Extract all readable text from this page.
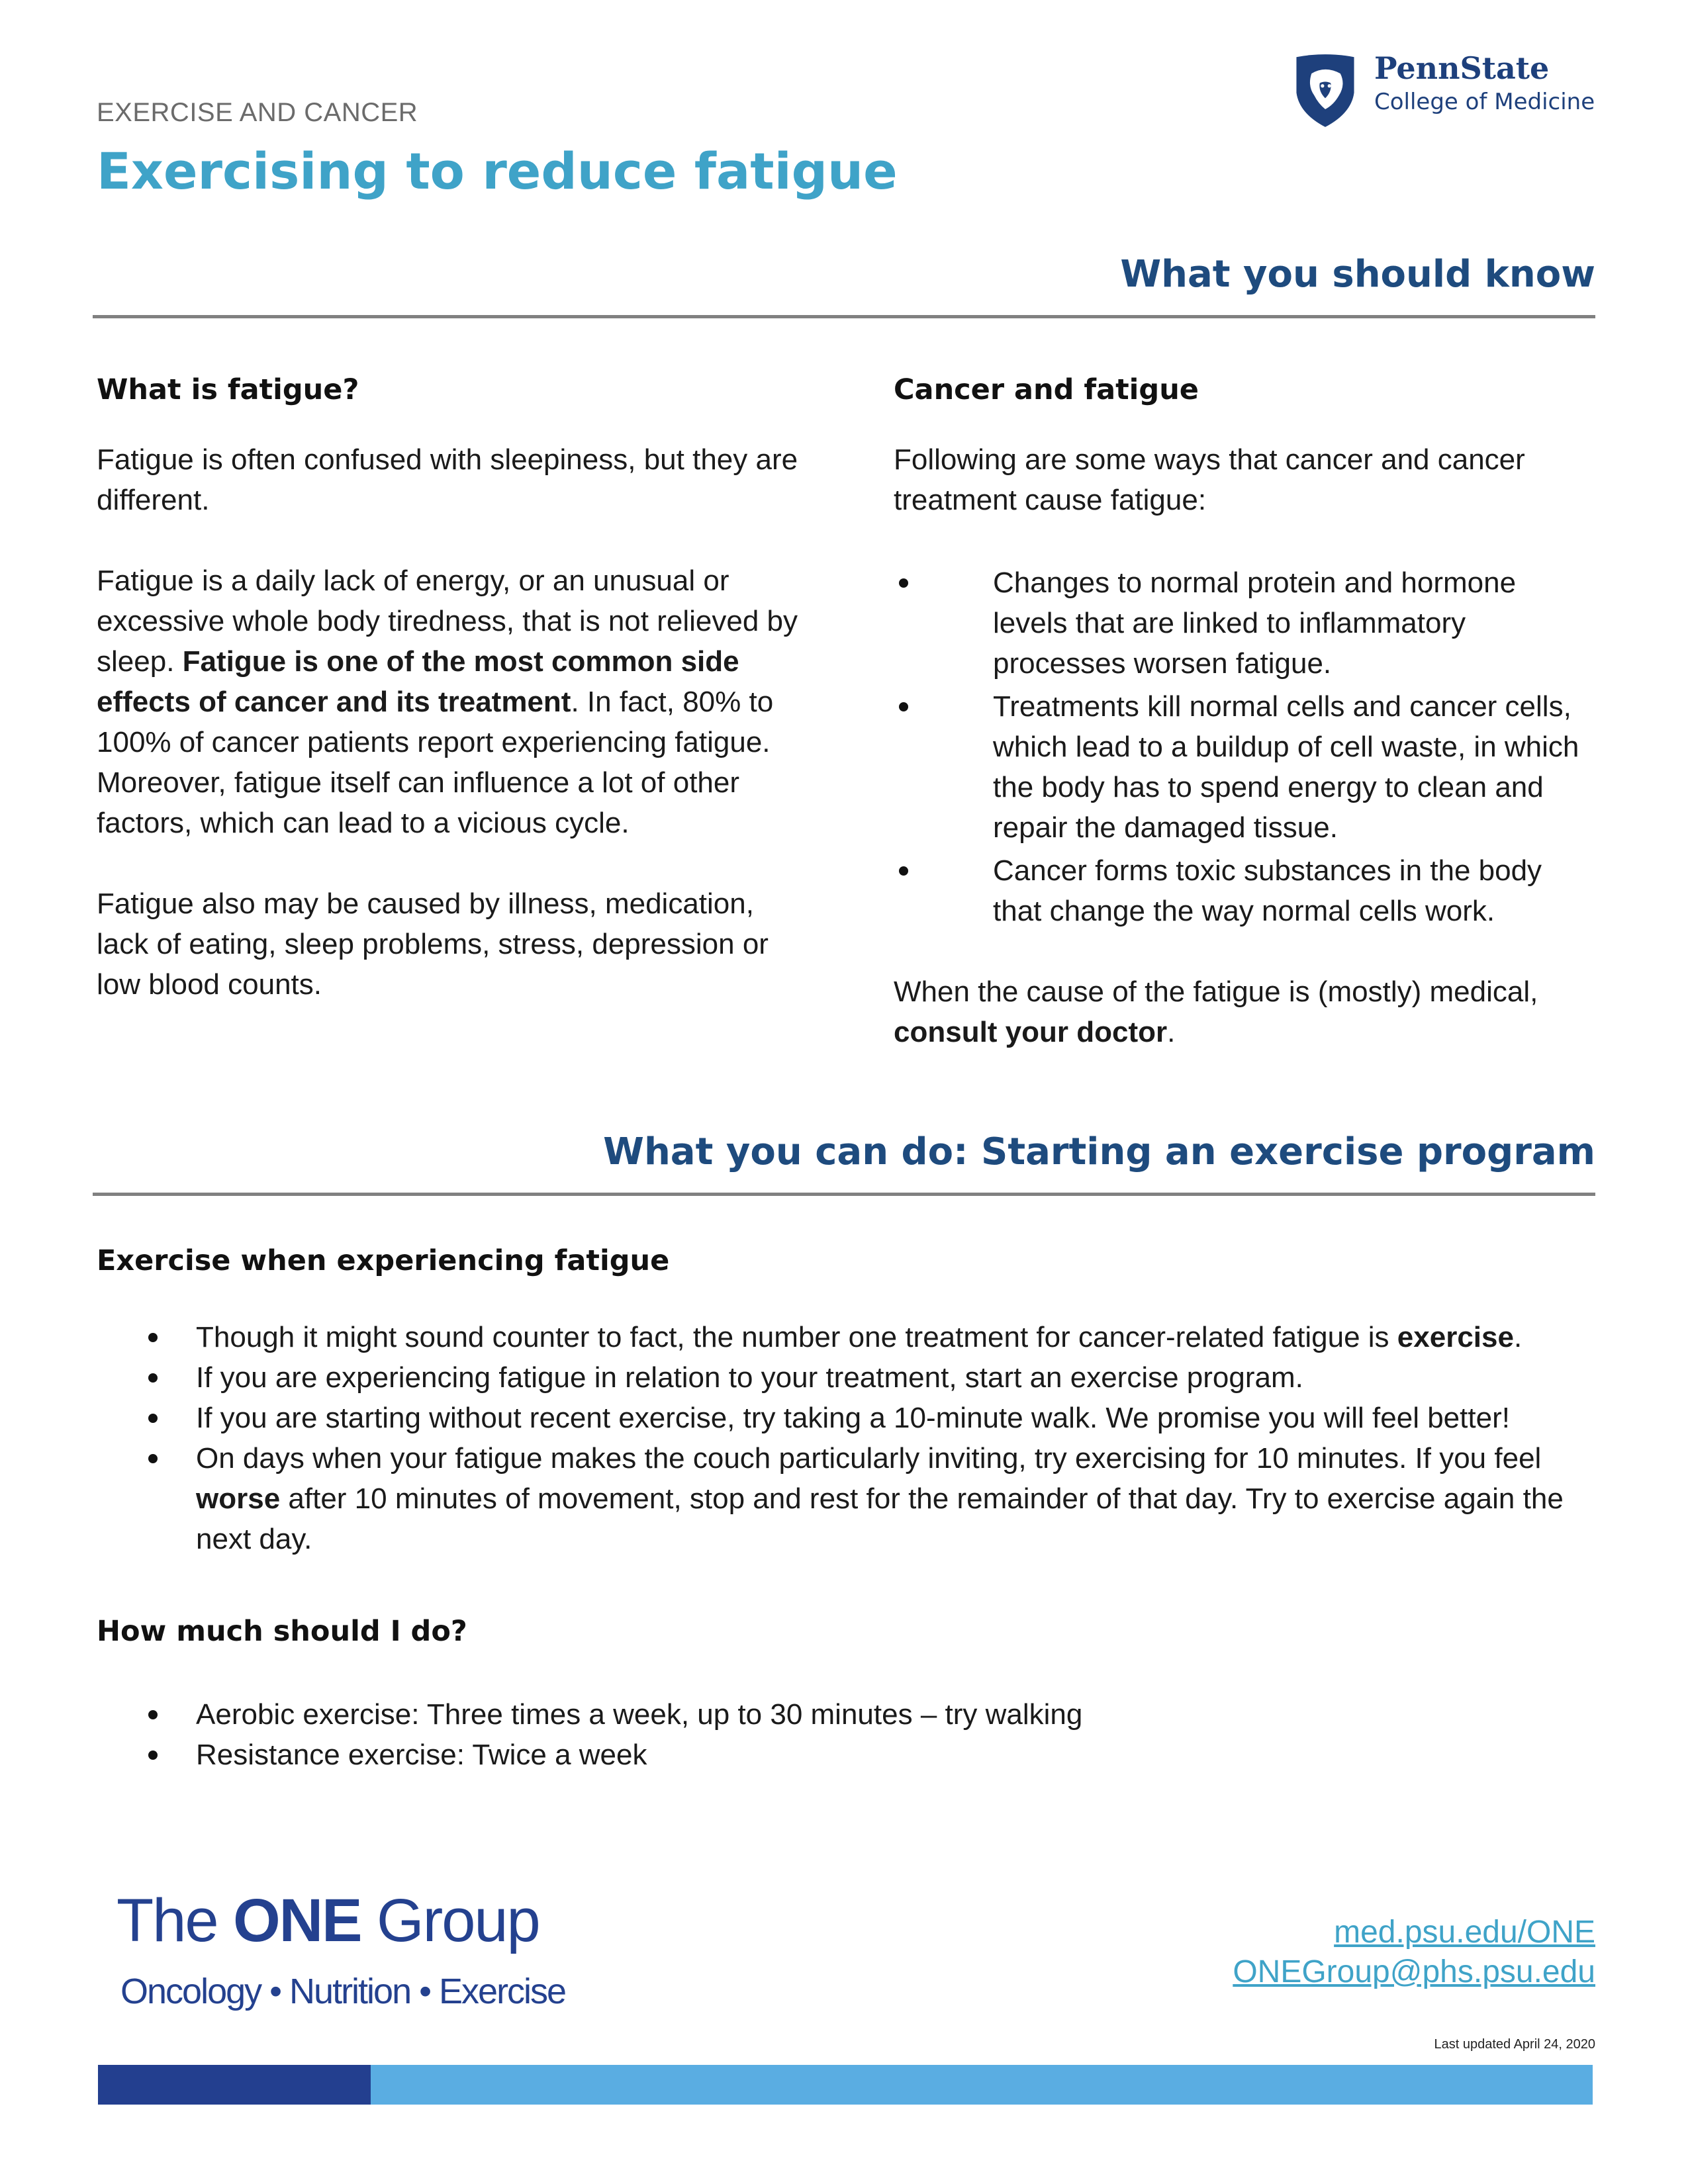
EXERCISE AND CANCER
Exercising to reduce fatigue
PennState
College of Medicine
What you should know
What is fatigue?

Fatigue is often confused with sleepiness, but they are different.

Fatigue is a daily lack of energy, or an unusual or excessive whole body tiredness, that is not relieved by sleep. Fatigue is one of the most common side effects of cancer and its treatment. In fact, 80% to 100% of cancer patients report experiencing fatigue. Moreover, fatigue itself can influence a lot of other factors, which can lead to a vicious cycle.

Fatigue also may be caused by illness, medication, lack of eating, sleep problems, stress, depression or low blood counts.

Cancer and fatigue

Following are some ways that cancer and cancer treatment cause fatigue:

Changes to normal protein and hormone levels that are linked to inflammatory processes worsen fatigue.
Treatments kill normal cells and cancer cells, which lead to a buildup of cell waste, in which the body has to spend energy to clean and repair the damaged tissue.
Cancer forms toxic substances in the body that change the way normal cells work.

When the cause of the fatigue is (mostly) medical, consult your doctor.

What you can do: Starting an exercise program
Exercise when experiencing fatigue
Though it might sound counter to fact, the number one treatment for cancer-related fatigue is exercise.
If you are experiencing fatigue in relation to your treatment, start an exercise program.
If you are starting without recent exercise, try taking a 10-minute walk. We promise you will feel better!
On days when your fatigue makes the couch particularly inviting, try exercising for 10 minutes. If you feel worse after 10 minutes of movement, stop and rest for the remainder of that day. Try to exercise again the next day.
How much should I do?
Aerobic exercise: Three times a week, up to 30 minutes – try walking
Resistance exercise: Twice a week
The ONE Group
Oncology • Nutrition • Exercise
med.psu.edu/ONE
ONEGroup@phs.psu.edu
Last updated April 24, 2020
